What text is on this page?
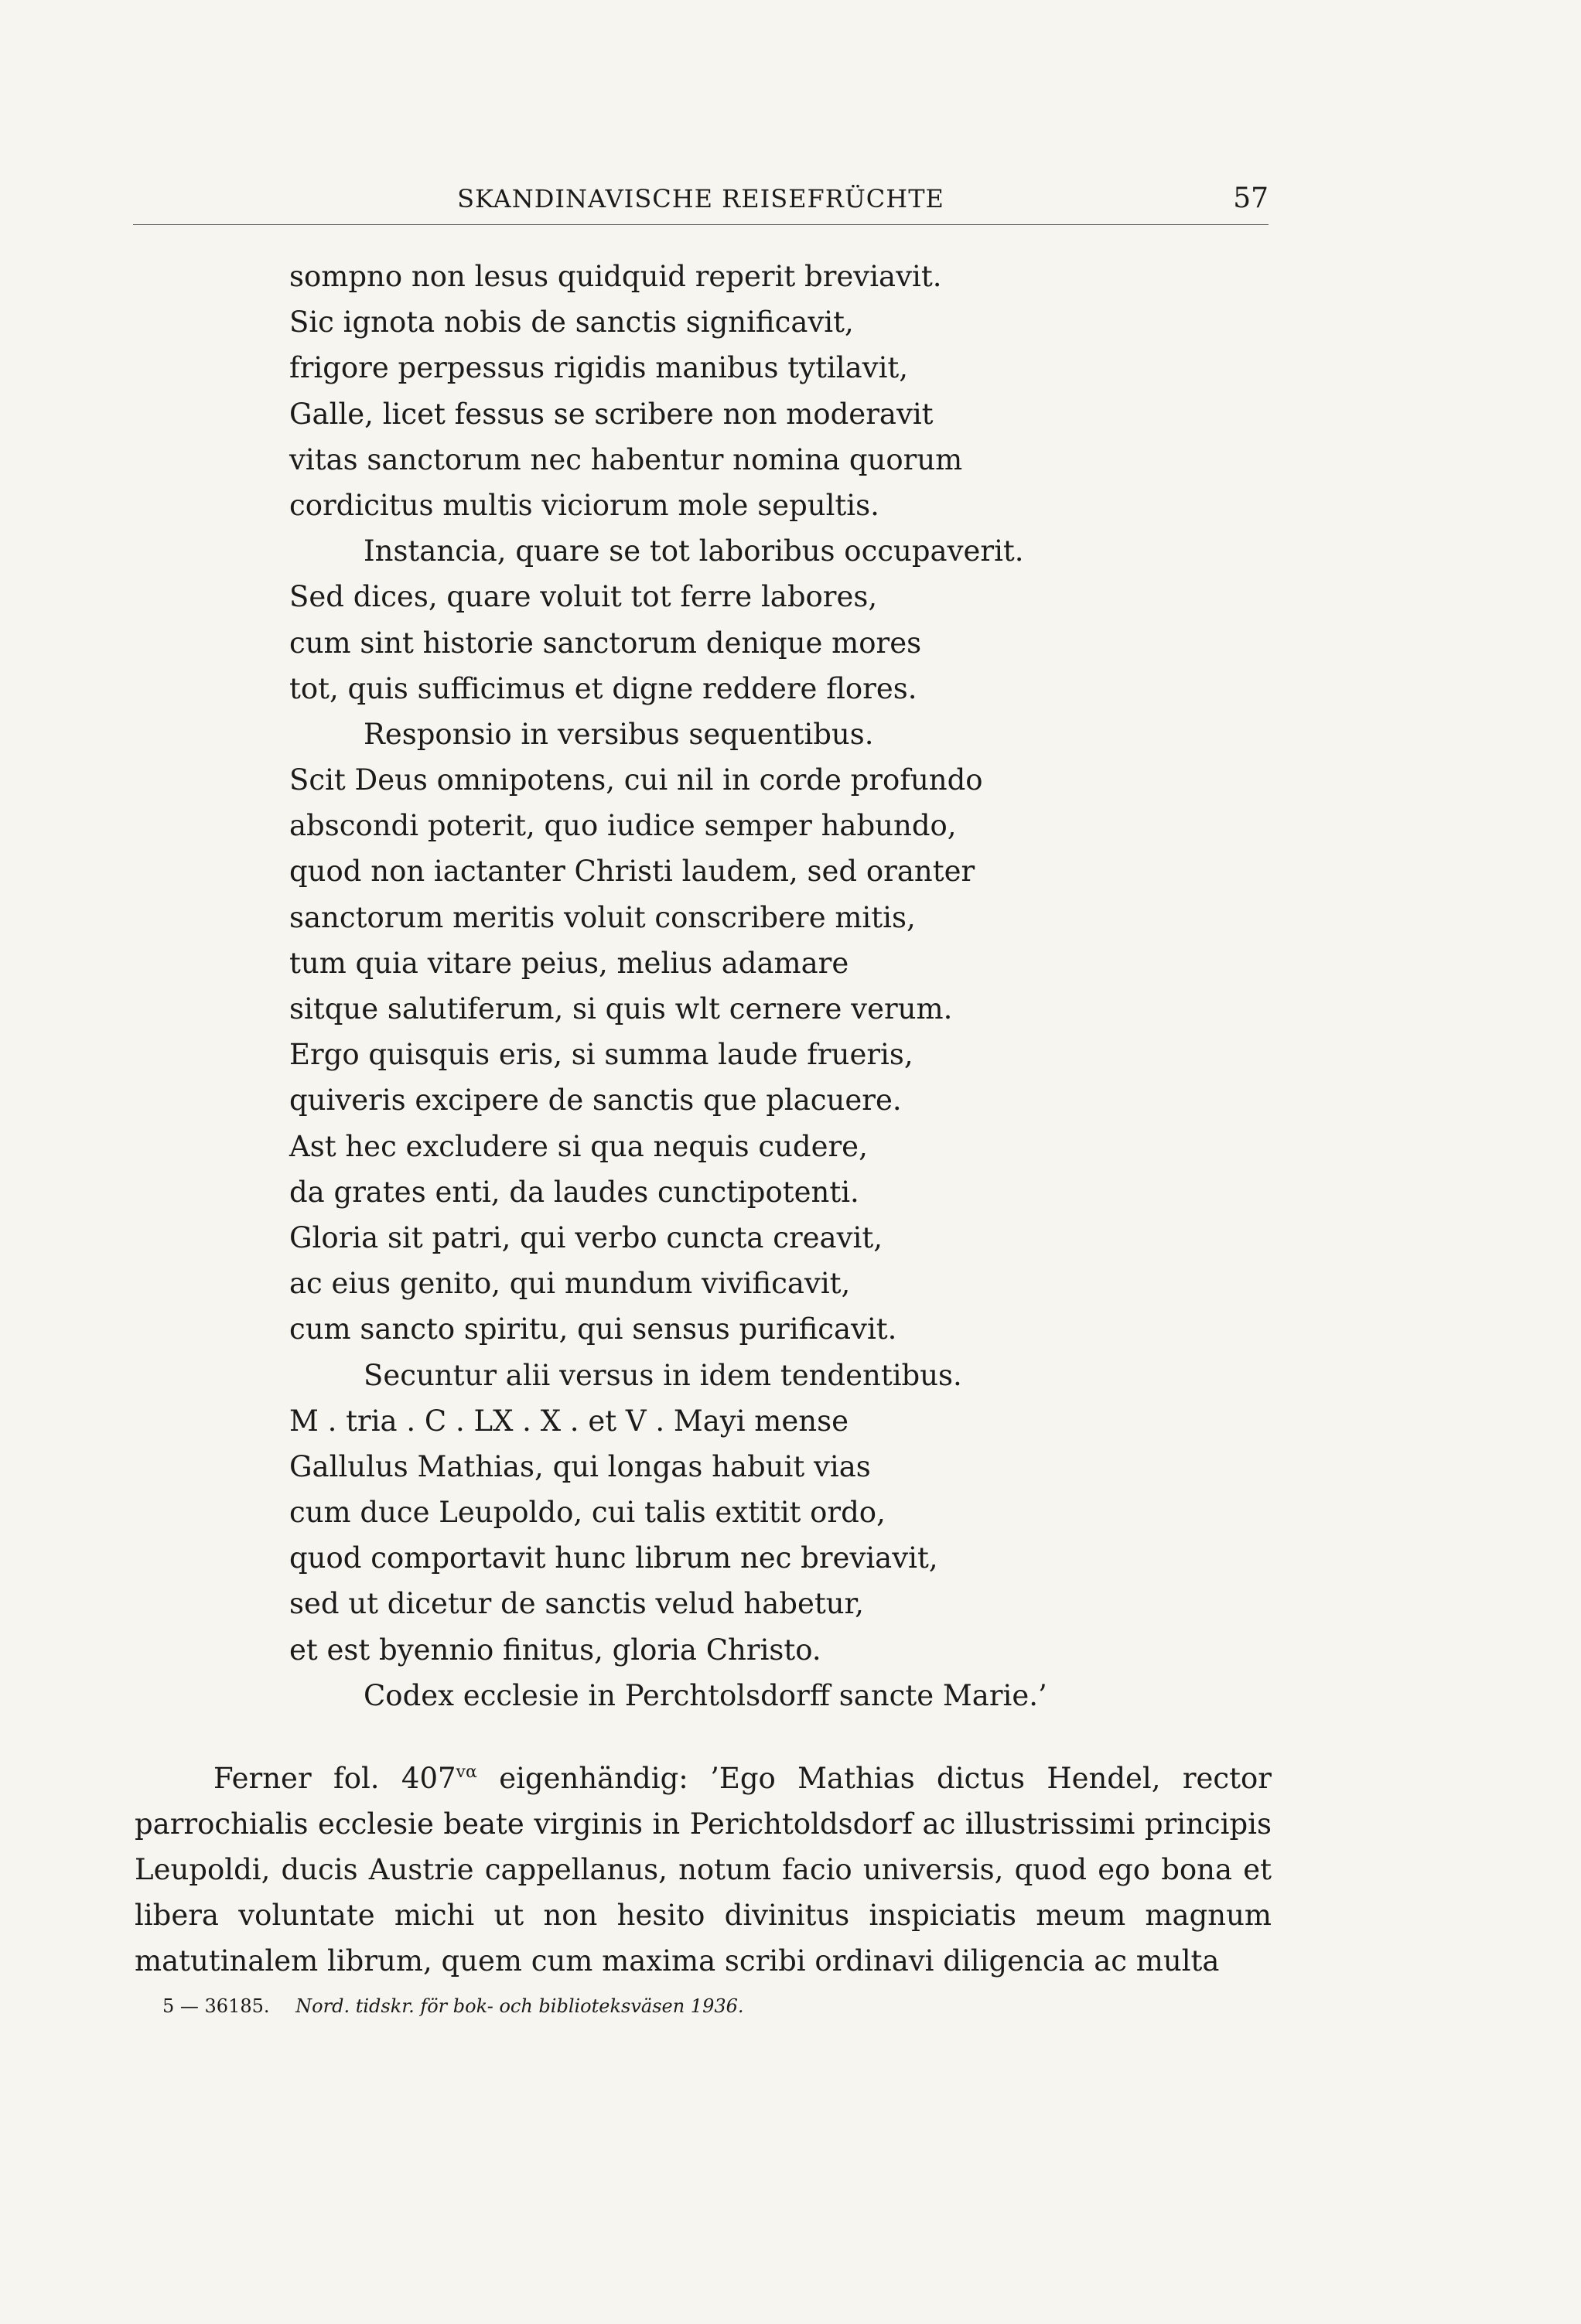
SKANDINAVISCHE REISEFRÜCHTE	57
sompno non lesus quidquid reperit breviavit.
Sic ignota nobis de sanctis significavit,
frigore perpessus rigidis manibus tytilavit,
Galle, licet fessus se scribere non moderavit
vitas sanctorum nec habentur nomina quorum
cordicitus multis viciorum mole sepultis.
Instancia, quare se tot laboribus occupaverit.
Sed dices, quare voluit tot ferre labores,
cum sint historie sanctorum denique mores
tot, quis sufficimus et digne reddere flores.
Responsio in versibus sequentibus.
Scit Deus omnipotens, cui nil in corde profundo
abscondi poterit, quo iudice semper habundo,
quod non iactanter Christi laudem, sed oranter
sanctorum meritis voluit conscribere mitis,
tum quia vitare peius, melius adamare
sitque salutiferum, si quis wlt cernere verum.
Ergo quisquis eris, si summa laude frueris,
quiveris excipere de sanctis que placuere.
Ast hec excludere si qua nequis cudere,
da grates enti, da laudes cunctipotenti.
Gloria sit patri, qui verbo cuncta creavit,
ac eius genito, qui mundum vivificavit,
cum sancto spiritu, qui sensus purificavit.
Secuntur alii versus in idem tendentibus.
M . tria . C . LX . X . et V . Mayi mense
Gallulus Mathias, qui longas habuit vias
cum duce Leupoldo, cui talis extitit ordo,
quod comportavit hunc librum nec breviavit,
sed ut dicetur de sanctis velud habetur,
et est byennio finitus, gloria Christo.
Codex ecclesie in Perchtolsdorff sancte Marie.’

Ferner fol. $407^{v\alpha}$ eigenhändig: ’Ego Mathias dictus Hendel, rector parrochialis ecclesie beate virginis in Perichtoldsdorf ac illustrissimi principis Leupoldi, ducis Austrie cappellanus, notum facio universis, quod ego bona et libera voluntate michi ut non hesito divinitus inspiciatis meum magnum matutinalem librum, quem cum maxima scribi ordinavi diligencia ac multa

5 — 36185. Nord. tidskr. för bok- och biblioteksväsen 1936.
